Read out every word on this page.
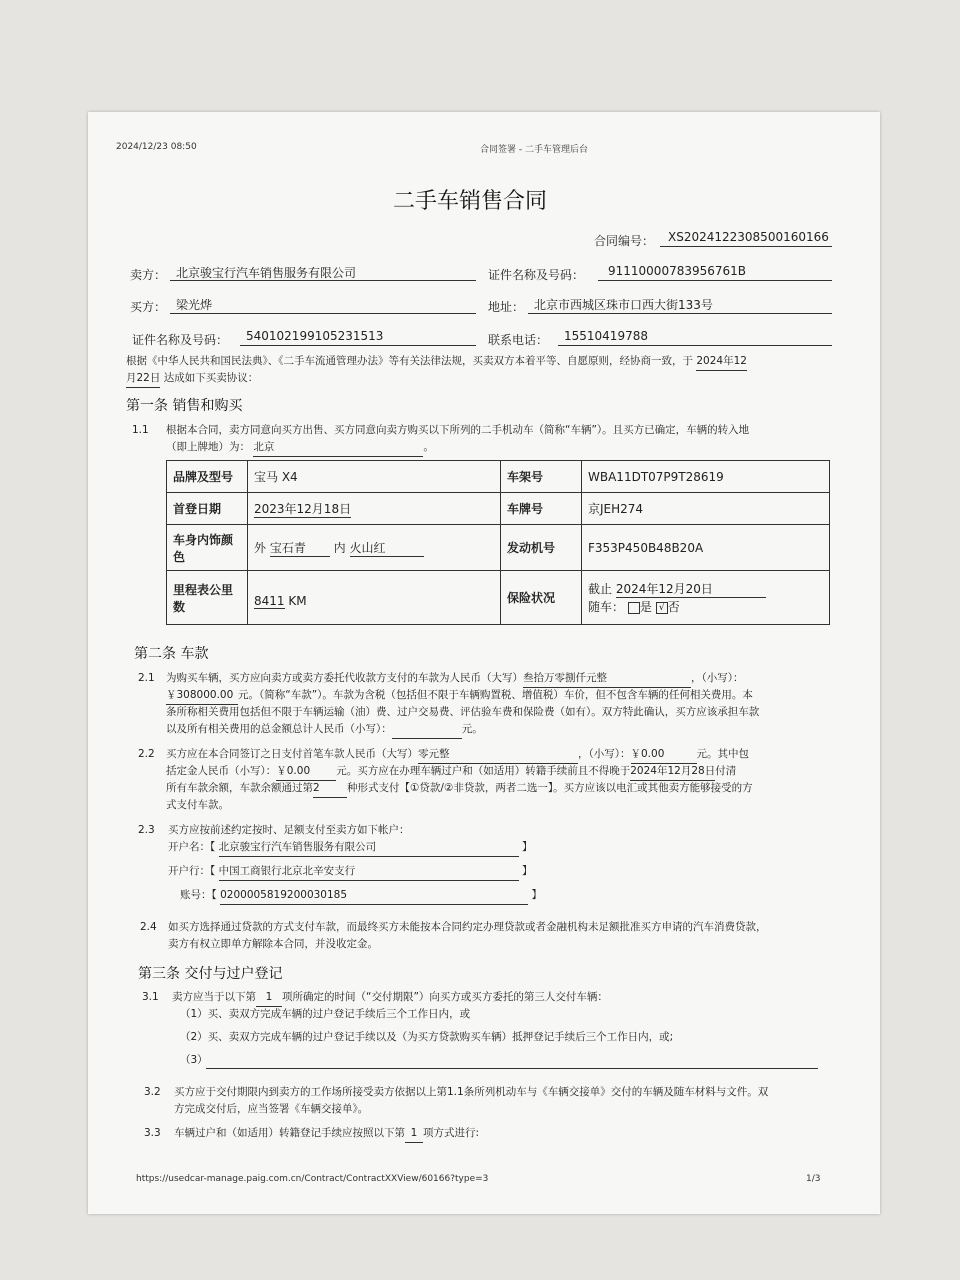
2024/12/23 08:50	合同签署 - 二手车管理后台
二手车销售合同
合同编号： XS2024122308500160166
卖方： 北京骏宝行汽车销售服务有限公司	证件名称及号码： 91110000783956761B
买方： 梁光烨	地址： 北京市西城区珠市口西大街133号
证件名称及号码： 540102199105231513	联系电话： 15510419788
根据《中华人民共和国民法典》、《二手车流通管理办法》等有关法律法规，买卖双方本着平等、自愿原则，经协商一致，于 2024年12
月22日 达成如下买卖协议：
第一条 销售和购买
1.1 根据本合同，卖方同意向买方出售、买方同意向卖方购买以下所列的二手机动车（简称“车辆”）。且买方已确定，车辆的转入地
（即上牌地）为： 北京	。
品牌及型号	宝马 X4	车架号	WBA11DT07P9T28619
首登日期	2023年12月18日	车牌号	京JEH274
车身内饰颜
色	外 宝石青 内 火山红	发动机号	F353P450B48B20A
里程表公里
数	8411 KM	保险状况	截止 2024年12月20日
随车： 是 √ 否
第二条 车款
2.1 为购买车辆，买方应向卖方或卖方委托代收款方支付的车款为人民币（大写）叁拾万零捌仟元整	，（小写）：
￥308000.00 元。（简称“车款”）。车款为含税（包括但不限于车辆购置税、增值税）车价，但不包含车辆的任何相关费用。本
条所称相关费用包括但不限于车辆运输（油）费、过户交易费、评估验车费和保险费（如有）。双方特此确认，买方应该承担车款
以及所有相关费用的总金额总计人民币（小写）：	元。
2.2 买方应在本合同签订之日支付首笔车款人民币（大写）零元整	，（小写）：￥0.00	元。其中包
括定金人民币（小写）：￥0.00 元。买方应在办理车辆过户和（如适用）转籍手续前且不得晚于2024年12月28日付清
所有车款余额，车款余额通过第2	种形式支付【①贷款/②非贷款，两者二选一】。买方应该以电汇或其他卖方能够接受的方
式支付车款。
2.3 买方应按前述约定按时、足额支付至卖方如下帐户：
开户名：【 北京骏宝行汽车销售服务有限公司	】
开户行：【 中国工商银行北京北辛安支行	】
账号：【 0200005819200030185	】
2.4 如买方选择通过贷款的方式支付车款，而最终买方未能按本合同约定办理贷款或者金融机构未足额批准买方申请的汽车消费贷款，
卖方有权立即单方解除本合同，并没收定金。
第三条 交付与过户登记
3.1 卖方应当于以下第 1 项所确定的时间（“交付期限”）向买方或买方委托的第三人交付车辆：
（1）买、卖双方完成车辆的过户登记手续后三个工作日内，或
（2）买、卖双方完成车辆的过户登记手续以及（为买方贷款购买车辆）抵押登记手续后三个工作日内，或;
（3）
3.2 买方应于交付期限内到卖方的工作场所接受卖方依据以上第1.1条所列机动车与《车辆交接单》交付的车辆及随车材料与文件。双
方完成交付后，应当签署《车辆交接单》。
3.3 车辆过户和（如适用）转籍登记手续应按照以下第 1 项方式进行:
https://usedcar-manage.paig.com.cn/Contract/ContractXXView/60166?type=3	1/3
